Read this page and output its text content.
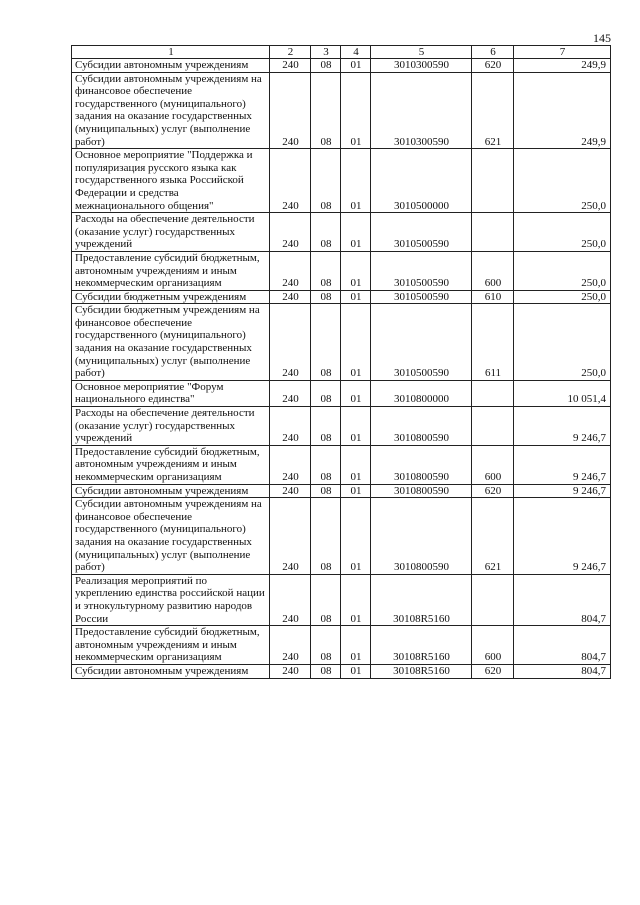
145
1	2	3	4	5	6	7
Субсидии автономным учреждениям	240	08	01	3010300590	620	249,9
Субсидии автономным учреждениям на финансовое обеспечение государственного (муниципального) задания на оказание государственных (муниципальных) услуг (выполнение работ)	240	08	01	3010300590	621	249,9
Основное мероприятие "Поддержка и популяризация русского языка как государственного языка Российской Федерации и средства межнационального общения"	240	08	01	3010500000		250,0
Расходы на обеспечение деятельности (оказание услуг) государственных учреждений	240	08	01	3010500590		250,0
Предоставление субсидий бюджетным, автономным учреждениям и иным некоммерческим организациям	240	08	01	3010500590	600	250,0
Субсидии бюджетным учреждениям	240	08	01	3010500590	610	250,0
Субсидии бюджетным учреждениям на финансовое обеспечение государственного (муниципального) задания на оказание государственных (муниципальных) услуг (выполнение работ)	240	08	01	3010500590	611	250,0
Основное мероприятие "Форум национального единства"	240	08	01	3010800000		10 051,4
Расходы на обеспечение деятельности (оказание услуг) государственных учреждений	240	08	01	3010800590		9 246,7
Предоставление субсидий бюджетным, автономным учреждениям и иным некоммерческим организациям	240	08	01	3010800590	600	9 246,7
Субсидии автономным учреждениям	240	08	01	3010800590	620	9 246,7
Субсидии автономным учреждениям на финансовое обеспечение государственного (муниципального) задания на оказание государственных (муниципальных) услуг (выполнение работ)	240	08	01	3010800590	621	9 246,7
Реализация мероприятий по укреплению единства российской нации и этнокультурному развитию народов России	240	08	01	30108R5160		804,7
Предоставление субсидий бюджетным, автономным учреждениям и иным некоммерческим организациям	240	08	01	30108R5160	600	804,7
Субсидии автономным учреждениям	240	08	01	30108R5160	620	804,7
